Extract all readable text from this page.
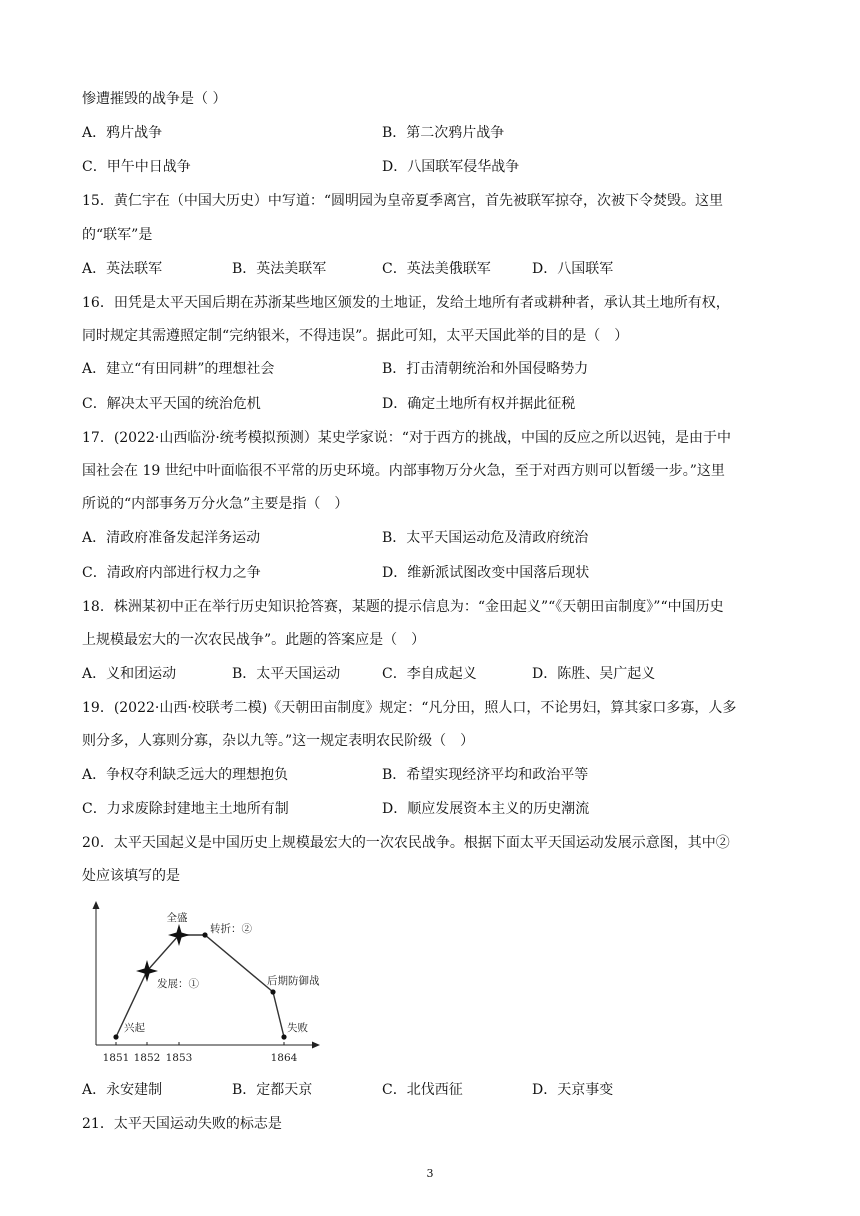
惨遭摧毁的战争是（ ）
A．鸦片战争	B．第二次鸦片战争
C．甲午中日战争	D．八国联军侵华战争
15．黄仁宇在（中国大历史）中写道：“圆明园为皇帝夏季离宫，首先被联军掠夺，次被下令焚毁。这里
的“联军”是
A．英法联军	B．英法美联军	C．英法美俄联军	D．八国联军
16．田凭是太平天国后期在苏浙某些地区颁发的土地证，发给土地所有者或耕种者，承认其土地所有权，
同时规定其需遵照定制“完纳银米，不得违误”。据此可知，太平天国此举的目的是（　）
A．建立“有田同耕”的理想社会	B．打击清朝统治和外国侵略势力
C．解决太平天国的统治危机	D．确定土地所有权并据此征税
17．(2022·山西临汾·统考模拟预测）某史学家说：“对于西方的挑战，中国的反应之所以迟钝，是由于中
国社会在 19 世纪中叶面临很不平常的历史环境。内部事物万分火急，至于对西方则可以暂缓一步。”这里
所说的“内部事务万分火急”主要是指（　）
A．清政府准备发起洋务运动	B．太平天国运动危及清政府统治
C．清政府内部进行权力之争	D．维新派试图改变中国落后现状
18．株洲某初中正在举行历史知识抢答赛，某题的提示信息为：“金田起义”“《天朝田亩制度》”“中国历史
上规模最宏大的一次农民战争”。此题的答案应是（　）
A．义和团运动	B．太平天国运动	C．李自成起义	D．陈胜、吴广起义
19．(2022·山西·校联考二模)《天朝田亩制度》规定：“凡分田，照人口，不论男妇，算其家口多寡，人多
则分多，人寡则分寡，杂以九等。”这一规定表明农民阶级（　）
A．争权夺利缺乏远大的理想抱负	B．希望实现经济平均和政治平等
C．力求废除封建地主土地所有制	D．顺应发展资本主义的历史潮流
20．太平天国起义是中国历史上规模最宏大的一次农民战争。根据下面太平天国运动发展示意图，其中②
处应该填写的是
兴起
发展：①
全盛
转折：②
后期防御战
失败
1851 1852 1853	1864
A．永安建制	B．定都天京	C．北伐西征	D．天京事变
21．太平天国运动失败的标志是
3
